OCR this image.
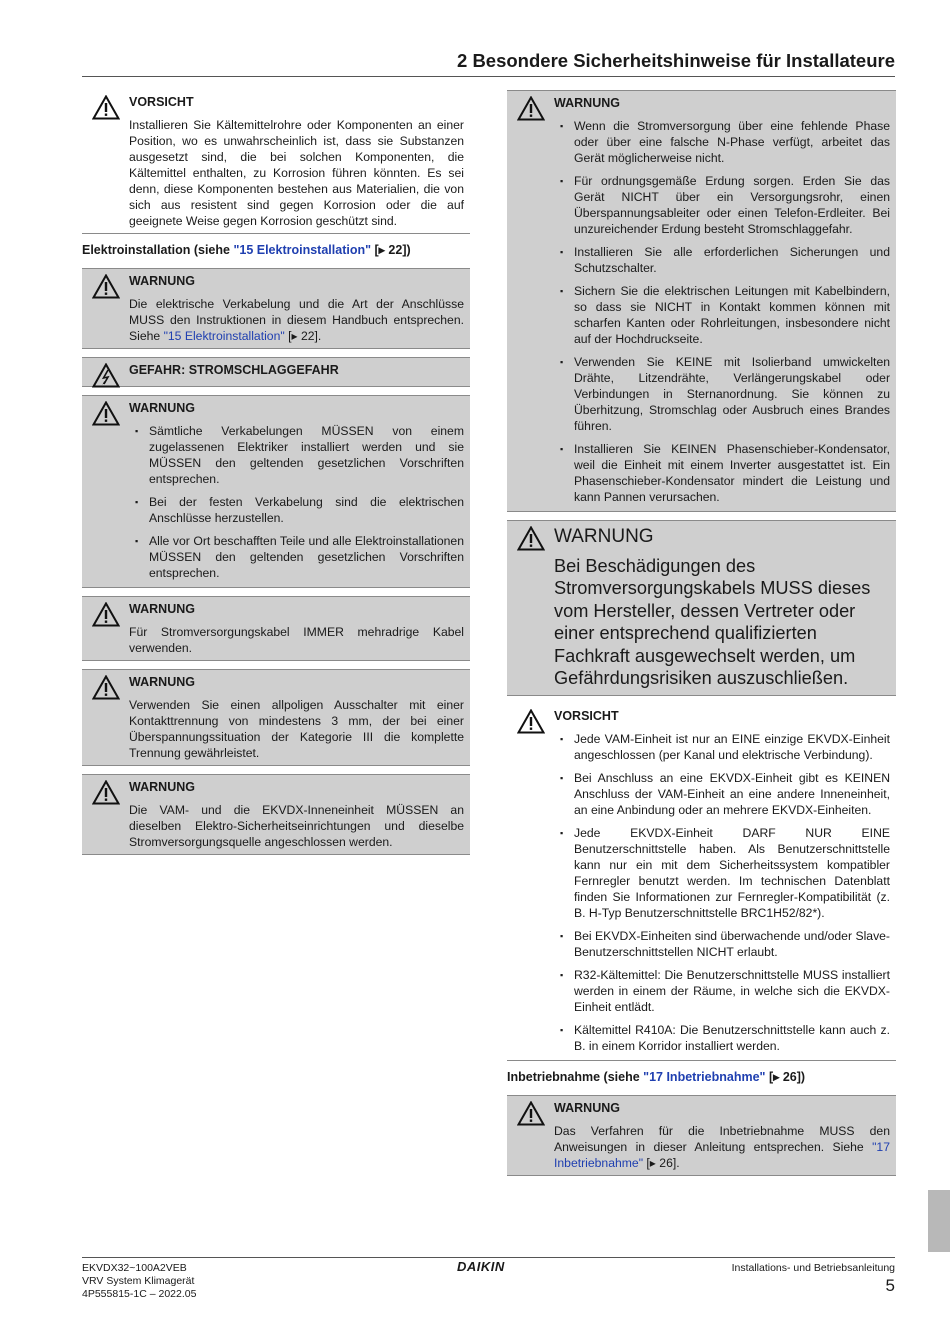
2 Besondere Sicherheitshinweise für Installateure
VORSICHT

Installieren Sie Kältemittelrohre oder Komponenten an einer Position, wo es unwahrscheinlich ist, dass sie Substanzen ausgesetzt sind, die bei solchen Komponenten, die Kältemittel enthalten, zu Korrosion führen könnten. Es sei denn, diese Komponenten bestehen aus Materialien, die von sich aus resistent sind gegen Korrosion oder die auf geeignete Weise gegen Korrosion geschützt sind.

Elektroinstallation (siehe "15 Elektroinstallation" [▸ 22])
WARNUNG

Die elektrische Verkabelung und die Art der Anschlüsse MUSS den Instruktionen in diesem Handbuch entsprechen. Siehe "15 Elektroinstallation" [▸ 22].

GEFAHR: STROMSCHLAGGEFAHR
WARNUNG
▪ Sämtliche Verkabelungen MÜSSEN von einem zugelassenen Elektriker installiert werden und sie MÜSSEN den geltenden gesetzlichen Vorschriften entsprechen.
▪ Bei der festen Verkabelung sind die elektrischen Anschlüsse herzustellen.
▪ Alle vor Ort beschafften Teile und alle Elektroinstallationen MÜSSEN den geltenden gesetzlichen Vorschriften entsprechen.
WARNUNG

Für Stromversorgungskabel IMMER mehradrige Kabel verwenden.

WARNUNG

Verwenden Sie einen allpoligen Ausschalter mit einer Kontakttrennung von mindestens 3 mm, der bei einer Überspannungssituation der Kategorie III die komplette Trennung gewährleistet.

WARNUNG

Die VAM- und die EKVDX-Inneneinheit MÜSSEN an dieselben Elektro-Sicherheitseinrichtungen und dieselbe Stromversorgungsquelle angeschlossen werden.

WARNUNG
▪ Wenn die Stromversorgung über eine fehlende Phase oder über eine falsche N-Phase verfügt, arbeitet das Gerät möglicherweise nicht.
▪ Für ordnungsgemäße Erdung sorgen. Erden Sie das Gerät NICHT über ein Versorgungsrohr, einen Überspannungsableiter oder einen Telefon-Erdleiter. Bei unzureichender Erdung besteht Stromschlaggefahr.
▪ Installieren Sie alle erforderlichen Sicherungen und Schutzschalter.
▪ Sichern Sie die elektrischen Leitungen mit Kabelbindern, so dass sie NICHT in Kontakt kommen können mit scharfen Kanten oder Rohrleitungen, insbesondere nicht auf der Hochdruckseite.
▪ Verwenden Sie KEINE mit Isolierband umwickelten Drähte, Litzendrähte, Verlängerungskabel oder Verbindungen in Sternanordnung. Sie können zu Überhitzung, Stromschlag oder Ausbruch eines Brandes führen.
▪ Installieren Sie KEINEN Phasenschieber-Kondensator, weil die Einheit mit einem Inverter ausgestattet ist. Ein Phasenschieber-Kondensator mindert die Leistung und kann Pannen verursachen.
WARNUNG

Bei Beschädigungen des Stromversorgungskabels MUSS dieses vom Hersteller, dessen Vertreter oder einer entsprechend qualifizierten Fachkraft ausgewechselt werden, um Gefährdungsrisiken auszuschließen.

VORSICHT
▪ Jede VAM-Einheit ist nur an EINE einzige EKVDX-Einheit angeschlossen (per Kanal und elektrische Verbindung).
▪ Bei Anschluss an eine EKVDX-Einheit gibt es KEINEN Anschluss der VAM-Einheit an eine andere Inneneinheit, an eine Anbindung oder an mehrere EKVDX-Einheiten.
▪ Jede EKVDX-Einheit DARF NUR EINE Benutzerschnittstelle haben. Als Benutzerschnittstelle kann nur ein mit dem Sicherheitssystem kompatibler Fernregler benutzt werden. Im technischen Datenblatt finden Sie Informationen zur Fernregler-Kompatibilität (z. B. H-Typ Benutzerschnittstelle BRC1H52/82*).
▪ Bei EKVDX-Einheiten sind überwachende und/oder Slave-Benutzerschnittstellen NICHT erlaubt.
▪ R32-Kältemittel: Die Benutzerschnittstelle MUSS installiert werden in einem der Räume, in welche sich die EKVDX-Einheit entlädt.
▪ Kältemittel R410A: Die Benutzerschnittstelle kann auch z. B. in einem Korridor installiert werden.
Inbetriebnahme (siehe "17 Inbetriebnahme" [▸ 26])
WARNUNG

Das Verfahren für die Inbetriebnahme MUSS den Anweisungen in dieser Anleitung entsprechen. Siehe "17 Inbetriebnahme" [▸ 26].

EKVDX32~100A2VEB
VRV System Klimagerät
4P555815-1C – 2022.05
DAIKIN	Installations- und Betriebsanleitung
5
